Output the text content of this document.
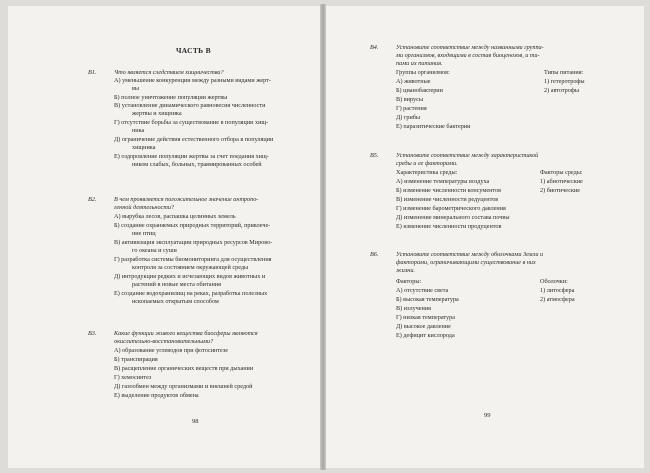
ЧАСТЬ В
В1.	Что является следствием хищничества?
А) уменьшение конкуренции между разными видами жерт-
вы
Б) полное уничтожение популяции жертвы
В) установление динамического равновесия численности
жертвы и хищника
Г) отсутствие борьбы за существование в популяции хищ-
ника
Д) ограничение действия естественного отбора в популяции
хищника
Е) оздоровление популяции жертвы за счет поедания хищ-
ником слабых, больных, травмированных особей
В2.	В чем проявляется положительное значение антропо-
генной деятельности?
А) вырубка лесов, распашка целинных земель
Б) создание охраняемых природных территорий, привлече-
ние птиц
В) активизация эксплуатации природных ресурсов Мирово-
го океана и суши
Г) разработка системы биомониторинга для осуществления
контроля за состоянием окружающей среды
Д) интродукция редких и исчезающих видов животных и
растений в новые места обитания
Е) создание водохранилищ на реках, разработка полезных
ископаемых открытым способом
В3.	Какие функции живого вещества биосферы являются
окислительно-восстановительными?
А) образование углеводов при фотосинтезе
Б) транспирация
В) расщепление органических веществ при дыхании
Г) хемосинтез
Д) газообмен между организмами и внешней средой
Е) выделение продуктов обмена
98
В4.	Установите соответствие между названными группа-
ми организмов, входящими в состав биоценозов, и ти-
пами их питания.
Группы организмов:	Типы питания:
А) животные	1) гетеротрофы
Б) цианобактерии	2) автотрофы
В) вирусы
Г) растения
Д) грибы
Е) паразитические бактерии
В5.	Установите соответствие между характеристикой
среды и ее факторами.
Характеристика среды:	Факторы среды:
А) изменение температуры воздуха	1) абиотические
Б) изменение численности консументов	2) биотические
В) изменение численности редуцентов
Г) изменение барометрического давления
Д) изменение минерального состава почвы
Е) изменение численности продуцентов
В6.	Установите соответствие между оболочками Земли и
факторами, ограничивающими существование в них
жизни.
Факторы:	Оболочки:
А) отсутствие света	1) литосфера
Б) высокая температура	2) атмосфера
В) излучения
Г) низкая температура
Д) высокое давление
Е) дефицит кислорода
99
